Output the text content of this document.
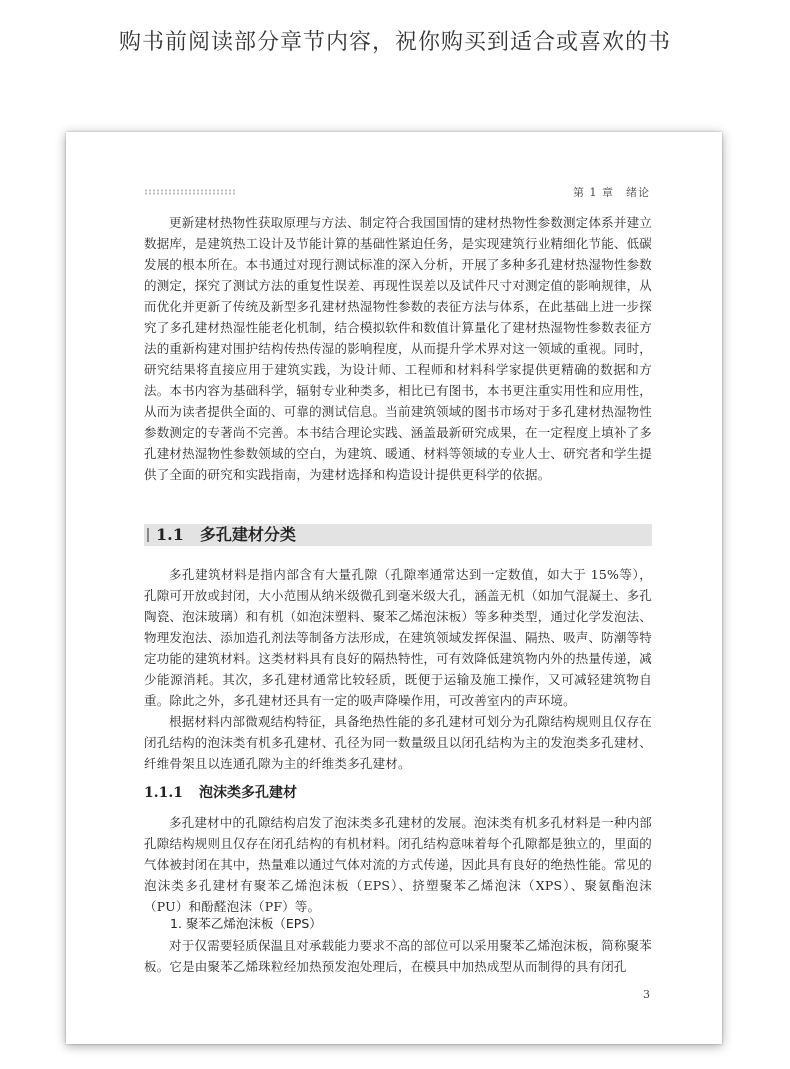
购书前阅读部分章节内容，祝你购买到适合或喜欢的书
第 1 章　绪论

更新建材热物性获取原理与方法、制定符合我国国情的建材热物性参数测定体系并建立数据库，是建筑热工设计及节能计算的基础性紧迫任务，是实现建筑行业精细化节能、低碳发展的根本所在。本书通过对现行测试标准的深入分析，开展了多种多孔建材热湿物性参数的测定，探究了测试方法的重复性误差、再现性误差以及试件尺寸对测定值的影响规律，从而优化并更新了传统及新型多孔建材热湿物性参数的表征方法与体系，在此基础上进一步探究了多孔建材热湿性能老化机制，结合模拟软件和数值计算量化了建材热湿物性参数表征方法的重新构建对围护结构传热传湿的影响程度，从而提升学术界对这一领域的重视。同时，研究结果将直接应用于建筑实践，为设计师、工程师和材料科学家提供更精确的数据和方法。本书内容为基础科学，辐射专业种类多，相比已有图书，本书更注重实用性和应用性，从而为读者提供全面的、可靠的测试信息。当前建筑领域的图书市场对于多孔建材热湿物性参数测定的专著尚不完善。本书结合理论实践、涵盖最新研究成果，在一定程度上填补了多孔建材热湿物性参数领域的空白，为建筑、暖通、材料等领域的专业人士、研究者和学生提供了全面的研究和实践指南，为建材选择和构造设计提供更科学的依据。

1.1 多孔建材分类

多孔建筑材料是指内部含有大量孔隙（孔隙率通常达到一定数值，如大于 15%等），孔隙可开放或封闭，大小范围从纳米级微孔到毫米级大孔，涵盖无机（如加气混凝土、多孔陶瓷、泡沫玻璃）和有机（如泡沫塑料、聚苯乙烯泡沫板）等多种类型，通过化学发泡法、物理发泡法、添加造孔剂法等制备方法形成，在建筑领域发挥保温、隔热、吸声、防潮等特定功能的建筑材料。这类材料具有良好的隔热特性，可有效降低建筑物内外的热量传递，减少能源消耗。其次，多孔建材通常比较轻质，既便于运输及施工操作，又可减轻建筑物自重。除此之外，多孔建材还具有一定的吸声降噪作用，可改善室内的声环境。

根据材料内部微观结构特征，具备绝热性能的多孔建材可划分为孔隙结构规则且仅存在闭孔结构的泡沫类有机多孔建材、孔径为同一数量级且以闭孔结构为主的发泡类多孔建材、纤维骨架且以连通孔隙为主的纤维类多孔建材。

1.1.1 泡沫类多孔建材

多孔建材中的孔隙结构启发了泡沫类多孔建材的发展。泡沫类有机多孔材料是一种内部孔隙结构规则且仅存在闭孔结构的有机材料。闭孔结构意味着每个孔隙都是独立的，里面的气体被封闭在其中，热量难以通过气体对流的方式传递，因此具有良好的绝热性能。常见的泡沫类多孔建材有聚苯乙烯泡沫板（EPS）、挤塑聚苯乙烯泡沫（XPS）、聚氨酯泡沫（PU）和酚醛泡沫（PF）等。

1. 聚苯乙烯泡沫板（EPS）

对于仅需要轻质保温且对承载能力要求不高的部位可以采用聚苯乙烯泡沫板，简称聚苯板。它是由聚苯乙烯珠粒经加热预发泡处理后，在模具中加热成型从而制得的具有闭孔

3
